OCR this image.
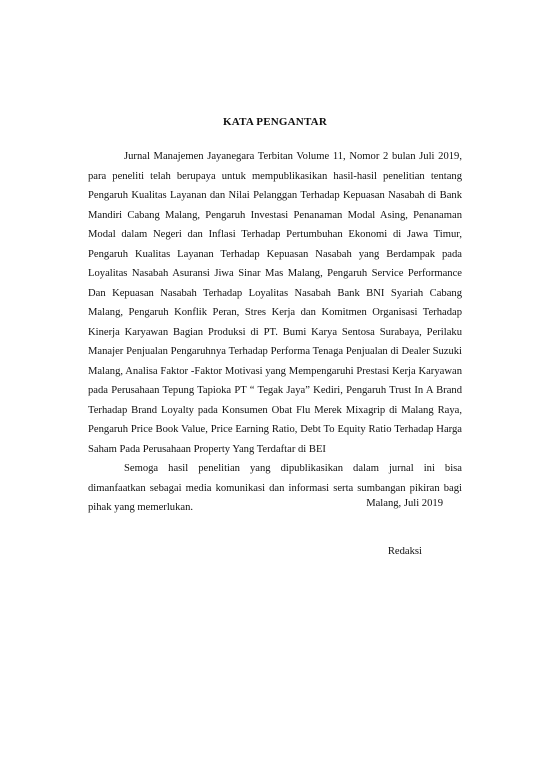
KATA PENGANTAR

Jurnal Manajemen Jayanegara Terbitan Volume 11, Nomor 2 bulan Juli 2019, para peneliti telah berupaya untuk mempublikasikan hasil-hasil penelitian tentang Pengaruh Kualitas Layanan dan Nilai Pelanggan Terhadap Kepuasan Nasabah di Bank Mandiri Cabang Malang, Pengaruh Investasi Penanaman Modal Asing, Penanaman Modal dalam Negeri dan Inflasi Terhadap Pertumbuhan Ekonomi di Jawa Timur, Pengaruh Kualitas Layanan Terhadap Kepuasan Nasabah yang Berdampak pada Loyalitas Nasabah Asuransi Jiwa Sinar Mas Malang, Pengaruh Service Performance Dan Kepuasan Nasabah Terhadap Loyalitas Nasabah Bank BNI Syariah Cabang Malang, Pengaruh Konflik Peran, Stres Kerja dan Komitmen Organisasi Terhadap Kinerja Karyawan Bagian Produksi di PT. Bumi Karya Sentosa Surabaya, Perilaku Manajer Penjualan Pengaruhnya Terhadap Performa Tenaga Penjualan di Dealer Suzuki Malang, Analisa Faktor -Faktor Motivasi yang Mempengaruhi Prestasi Kerja Karyawan pada Perusahaan Tepung Tapioka PT “ Tegak Jaya” Kediri, Pengaruh Trust In A Brand Terhadap Brand Loyalty pada Konsumen Obat Flu Merek Mixagrip di Malang Raya, Pengaruh Price Book Value, Price Earning Ratio, Debt To Equity Ratio Terhadap Harga Saham Pada Perusahaan Property Yang Terdaftar di BEI

Semoga hasil penelitian yang dipublikasikan dalam jurnal ini bisa dimanfaatkan sebagai media komunikasi dan informasi serta sumbangan pikiran bagi pihak yang memerlukan.	Malang, Juli 2019
Redaksi
